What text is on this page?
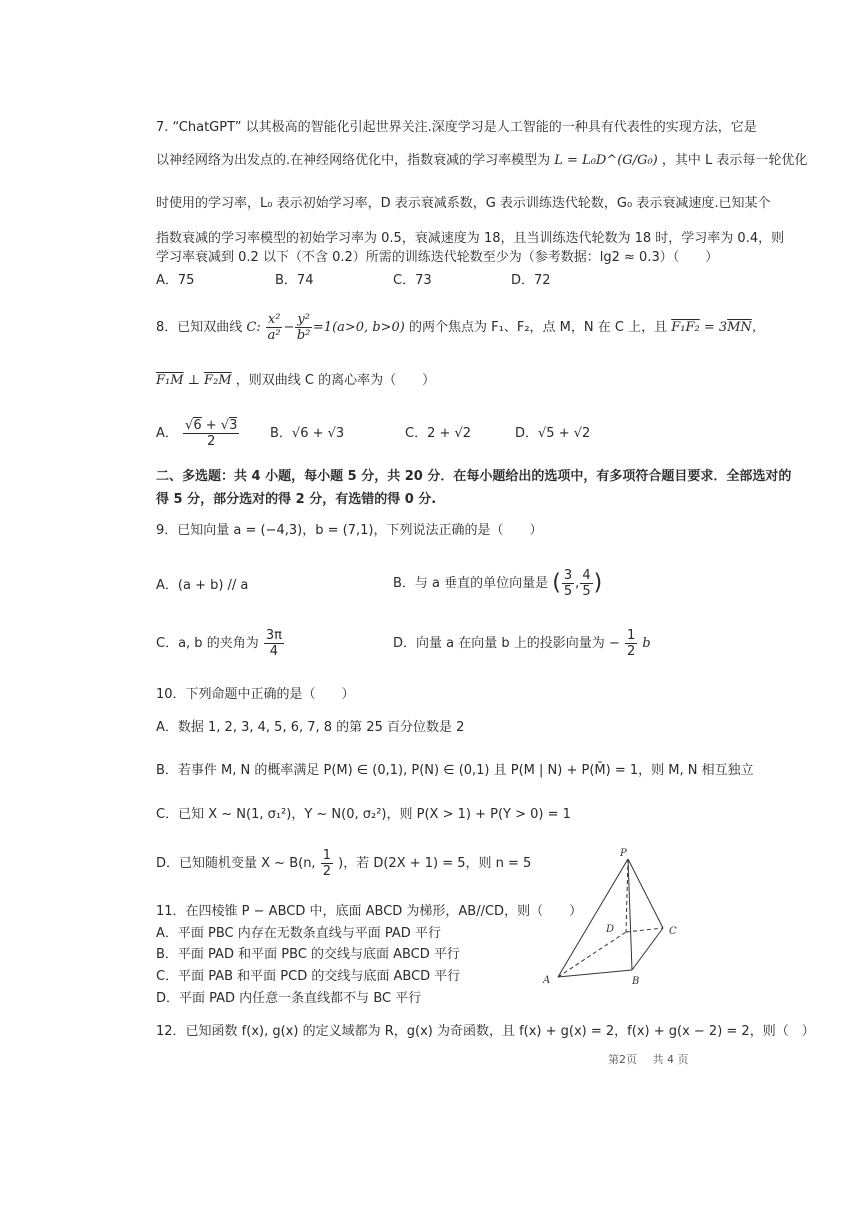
7. “ChatGPT” 以其极高的智能化引起世界关注.深度学习是人工智能的一种具有代表性的实现方法，它是
以神经网络为出发点的.在神经网络优化中，指数衰减的学习率模型为 L = L₀D^(G/G₀) ，其中 L 表示每一轮优化
时使用的学习率，L₀ 表示初始学习率，D 表示衰减系数，G 表示训练迭代轮数，G₀ 表示衰减速度.已知某个
指数衰减的学习率模型的初始学习率为 0.5，衰减速度为 18，且当训练迭代轮数为 18 时，学习率为 0.4，则
学习率衰减到 0.2 以下（不含 0.2）所需的训练迭代轮数至少为（参考数据：lg2 ≈ 0.3）（　　）
A．75	B．74	C．73	D．72
8．已知双曲线 C: $\frac{\text{x²}}{\text{a²}} - \frac{\text{y²}}{\text{b²}} =1(a>0$, b>0) 的两个焦点为 F₁、F₂，点 M，N 在 C 上，且 $F_1F_2 = 3\overline{MN}$，
F₁M ⊥ F₂M ，则双曲线 C 的离心率为（　　）
A． $\frac{√6 + √3}{2}$ B．√6 + √3	C．2 + √2	D．√5 + √2
二、多选题：共 4 小题，每小题 5 分，共 20 分．在每小题给出的选项中，有多项符合题目要求．全部选对的
得 5 分，部分选对的得 2 分，有选错的得 0 分.
9．已知向量 a = (−4,3)，b = (7,1)，下列说法正确的是（　　）
A．(a + b) // a	B．与 a 垂直的单位向量是 ( $\frac{3}{5}$ , $\frac{4}{5}$ )
C．a, b 的夹角为 $\frac{3\pi}{4}$	D．向量 a 在向量 b 上的投影向量为 − $\frac{1}{2}$ b
10．下列命题中正确的是（　　）
A．数据 1, 2, 3, 4, 5, 6, 7, 8 的第 25 百分位数是 2
B．若事件 M, N 的概率满足 P(M) ∈ (0,1), P(N) ∈ (0,1) 且 P(M | N) + P(M̄) = 1，则 M, N 相互独立
C．已知 X ~ N(1, σ₁²)，Y ~ N(0, σ₂²)，则 P(X > 1) + P(Y > 0) = 1
D．已知随机变量 X ~ B(n, $\frac{1}{2}$ )，若 D(2X + 1) = 5，则 n = 5
11．在四棱锥 P − ABCD 中，底面 ABCD 为梯形，AB//CD，则（　　）
A．平面 PBC 内存在无数条直线与平面 PAD 平行
B．平面 PAD 和平面 PBC 的交线与底面 ABCD 平行
C．平面 PAB 和平面 PCD 的交线与底面 ABCD 平行
D．平面 PAD 内任意一条直线都不与 BC 平行
P
D	C
A	B
12．已知函数 f(x), g(x) 的定义域都为 R，g(x) 为奇函数，且 f(x) + g(x) = 2，f(x) + g(x − 2) = 2，则（　）
第2页 共 4 页
